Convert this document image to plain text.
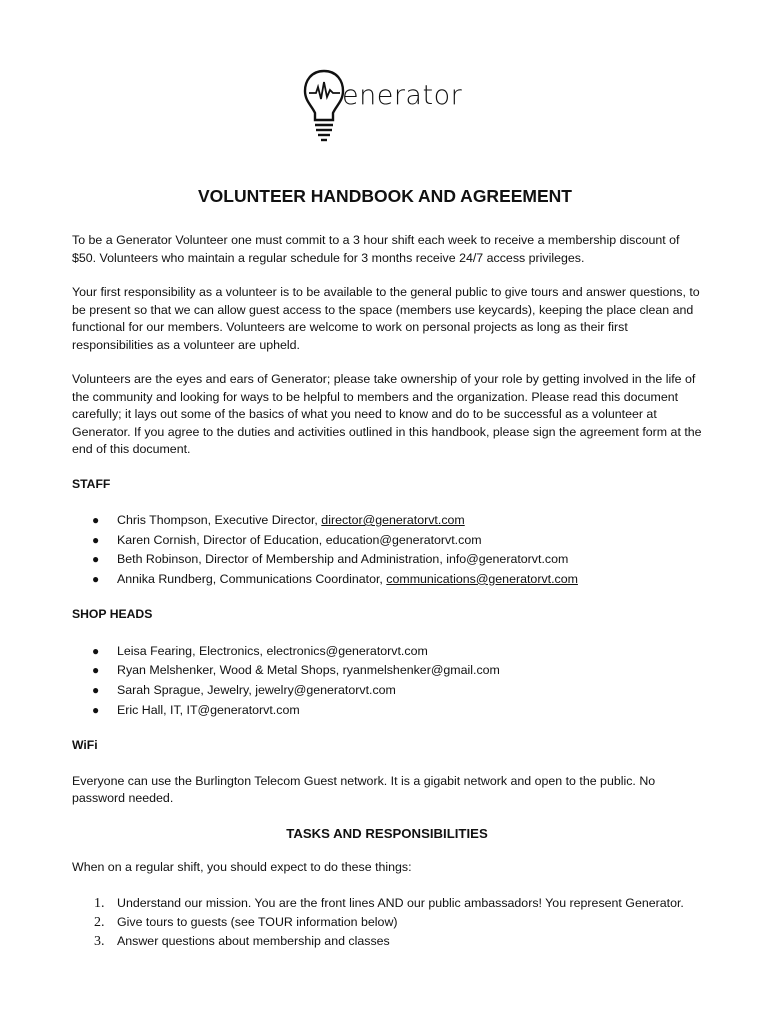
enerator
VOLUNTEER HANDBOOK AND AGREEMENT

To be a Generator Volunteer one must commit to a 3 hour shift each week to receive a membership discount of $50. Volunteers who maintain a regular schedule for 3 months receive 24/7 access privileges.

Your first responsibility as a volunteer is to be available to the general public to give tours and answer questions, to be present so that we can allow guest access to the space (members use keycards), keeping the place clean and functional for our members. Volunteers are welcome to work on personal projects as long as their first responsibilities as a volunteer are upheld.

Volunteers are the eyes and ears of Generator; please take ownership of your role by getting involved in the life of the community and looking for ways to be helpful to members and the organization. Please read this document carefully; it lays out some of the basics of what you need to know and do to be successful as a volunteer at Generator. If you agree to the duties and activities outlined in this handbook, please sign the agreement form at the end of this document.

STAFF
● Chris Thompson, Executive Director, director@generatorvt.com
● Karen Cornish, Director of Education, education@generatorvt.com
● Beth Robinson, Director of Membership and Administration, info@generatorvt.com
● Annika Rundberg, Communications Coordinator, communications@generatorvt.com
SHOP HEADS
● Leisa Fearing, Electronics, electronics@generatorvt.com
● Ryan Melshenker, Wood & Metal Shops, ryanmelshenker@gmail.com
● Sarah Sprague, Jewelry, jewelry@generatorvt.com
● Eric Hall, IT, IT@generatorvt.com
WiFi

Everyone can use the Burlington Telecom Guest network. It is a gigabit network and open to the public. No password needed.

TASKS AND RESPONSIBILITIES

When on a regular shift, you should expect to do these things:

1. Understand our mission. You are the front lines AND our public ambassadors! You represent Generator.
2. Give tours to guests (see TOUR information below)
3. Answer questions about membership and classes
